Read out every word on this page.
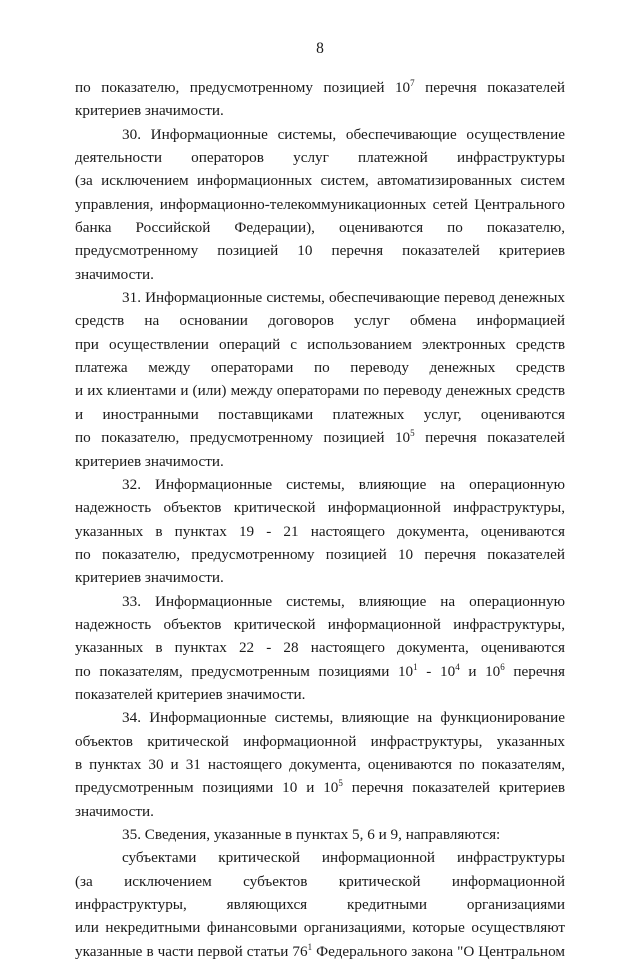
8
по показателю, предусмотренному позицией $10^7$ перечня показателей
критериев значимости.
30. Информационные системы, обеспечивающие осуществление
деятельности операторов услуг платежной инфраструктуры
(за исключением информационных систем, автоматизированных систем
управления, информационно-телекоммуникационных сетей Центрального
банка Российской Федерации), оцениваются по показателю,
предусмотренному позицией 10 перечня показателей критериев
значимости.
31. Информационные системы, обеспечивающие перевод денежных
средств на основании договоров услуг обмена информацией
при осуществлении операций с использованием электронных средств
платежа между операторами по переводу денежных средств
и их клиентами и (или) между операторами по переводу денежных средств
и иностранными поставщиками платежных услуг, оцениваются
по показателю, предусмотренному позицией $10^5$ перечня показателей
критериев значимости.
32. Информационные системы, влияющие на операционную
надежность объектов критической информационной инфраструктуры,
указанных в пунктах 19 - 21 настоящего документа, оцениваются
по показателю, предусмотренному позицией 10 перечня показателей
критериев значимости.
33. Информационные системы, влияющие на операционную
надежность объектов критической информационной инфраструктуры,
указанных в пунктах 22 - 28 настоящего документа, оцениваются
по показателям, предусмотренным позициями $10^1 - 10^4$ и $10^6$ перечня
показателей критериев значимости.
34. Информационные системы, влияющие на функционирование
объектов критической информационной инфраструктуры, указанных
в пунктах 30 и 31 настоящего документа, оцениваются по показателям,
предусмотренным позициями 10 и $10^5$ перечня показателей критериев
значимости.
35. Сведения, указанные в пунктах 5, 6 и 9, направляются:
субъектами критической информационной инфраструктуры
(за исключением субъектов критической информационной
инфраструктуры, являющихся кредитными организациями
или некредитными финансовыми организациями, которые осуществляют
указанные в части первой статьи $76^1$ Федерального закона "О Центральном
